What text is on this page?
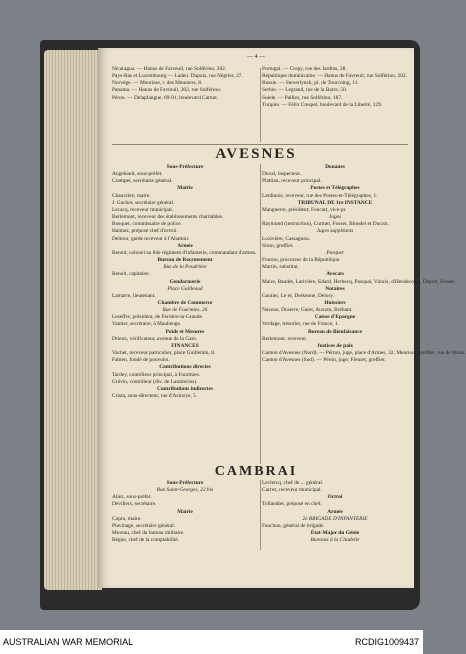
— 4 —

Nicaragua. — Hanus de Favreuil, rue Solférino, 202.

Pays-Bas et Luxembourg — Ladeu. Dupuis, rue Négrier, 27.

Norvège. — Meurisse, r. des Meuniers, 8.

Panama. — Hanus de Favreuil, 202, rue Solférino.

Pérou. — Delaplangue, 69-91, boulevard Carnot.

Portugal. — Crepy, rue des Jardins, 28.

République dominicaine. — Hanus de Favreuil, rue Solférino, 202.

Russie. — Steverlynck, pl. de Tourcoing, 11.

Serbie. — Legrand, rue de la Barre, 50.

Suède. — Pailiez, rue Solférino, 187.

Turquie. — Félix Crespel, boulevard de la Liberté, 129.

AVESNES

Sous-Préfecture

Angebault, sous-préfet.

Crampel, secrétaire général.

Mairie

Chauvière, maire.

J. Gachot, secrétaire général.

Lecacq, receveur municipal.

Berlemont, receveur des établissements charitables.

Bosquet, commissaire de police.

Haimez, préposé chef d'octroi.

Deltour, garde receveur à l'Abattoir.

Armée

Benoit, colonel au 84e régiment d'infanterie, commandant d'armes.

Bureau de Recrutement

Rue de la Poudrière

Benoit, capitaine.

Gendarmerie

Place Guilleaud

Lamarre, lieutenant.

Chambre de Commerce

Rue de Fourmies, 26

Leseffre, président, de Ferrière-la-Grande.

Vantier, secrétaire, à Maubeuge.

Poids et Mesures

Drieux, vérificateur, avenue de la Gare.

FINANCES

Vachet, receveur particulier, place Guillemin, 8.

Fabien, fondé de pouvoirs.

Contributions directes

Tardey, contrôleur principal, à Fourmies.

Grévin, contrôleur (div. de Landrecies).

Contributions indirectes

Crista, sous-directeur, rue d'Asinoye, 5.

Douanes

Duval, inspecteur.

Plattiau, receveur principal.

Postes et Télégraphes

Lardinois, receveur, rue des Postes-et-Télégraphes, 1.

TRIBUNAL DE 1re INSTANCE

Manguerre, président; Foucart, vice-pr.

Juges

Raymond (instruction), Curmer, Fosset, Blondel et Ducrot.

Juges suppléants

Lozivière, Cassagnou.

Siron, greffier.

Parquet

Fourou, procureur de la République.

Martin, substitut.

Avocats

Maire, Baudet, Larivière, Edard, Herbecq, Pasqual, Vinoix, d'Hendecourt, Depret, Fosset.

Notaires

Gautier, Le er, Derkenne, Delory.

Huissiers

Naveau, Doserre, Garet, Auxom, Brébant.

Caisse d'Epargne

Verdage, trésorier, rue de France, 1.

Bureau de Bienfaisance

Berlemont, receveur.

Justices de paix

Canton d'Avesnes (Nord). — Pétron, juge, place d'Armes, 32; Meurisse, greffier, rue de Mons.

Canton d'Avesnes (Sud). — Péron, juge; Fleuret, greffier.

CAMBRAI

Sous-Préfecture

Rue Saint-Georges, 22 bis

Aliez, sous-préfet.

Devillers, secrétaire.

Mairie

Copin, maire.

Plavinage, secrétaire général.

Moreau, chef du bureau militaire.

Bégue, chef de la comptabilité.

Leclercq, chef de ... général.

Carrez, receveur municipal.

Octroi

Tollandier, préposé en chef.

Armée

2e BRIGADE D'INFANTERIE

Fauchon, général de brigade.

État-Major du Génie

Bureaux à la Citadelle

AUSTRALIAN WAR MEMORIAL	RCDIG1009437
